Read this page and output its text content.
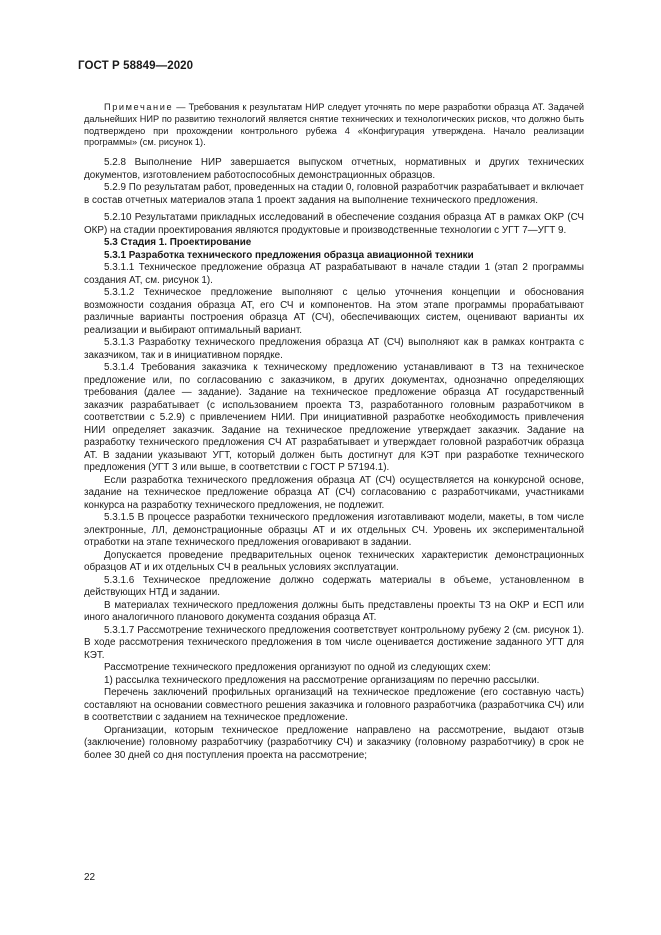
ГОСТ Р 58849—2020

Примечание — Требования к результатам НИР следует уточнять по мере разработки образца АТ. Задачей дальнейших НИР по развитию технологий является снятие технических и технологических рисков, что должно быть подтверждено при прохождении контрольного рубежа 4 «Конфигурация утверждена. Начало реализации программы» (см. рисунок 1).

5.2.8 Выполнение НИР завершается выпуском отчетных, нормативных и других технических документов, изготовлением работоспособных демонстрационных образцов.

5.2.9 По результатам работ, проведенных на стадии 0, головной разработчик разрабатывает и включает в состав отчетных материалов этапа 1 проект задания на выполнение технического предложения.

5.2.10 Результатами прикладных исследований в обеспечение создания образца АТ в рамках ОКР (СЧ ОКР) на стадии проектирования являются продуктовые и производственные технологии с УГТ 7—УГТ 9.

5.3 Стадия 1. Проектирование

5.3.1 Разработка технического предложения образца авиационной техники

5.3.1.1 Техническое предложение образца АТ разрабатывают в начале стадии 1 (этап 2 программы создания АТ, см. рисунок 1).

5.3.1.2 Техническое предложение выполняют с целью уточнения концепции и обоснования возможности создания образца АТ, его СЧ и компонентов. На этом этапе программы прорабатывают различные варианты построения образца АТ (СЧ), обеспечивающих систем, оценивают варианты их реализации и выбирают оптимальный вариант.

5.3.1.3 Разработку технического предложения образца АТ (СЧ) выполняют как в рамках контракта с заказчиком, так и в инициативном порядке.

5.3.1.4 Требования заказчика к техническому предложению устанавливают в ТЗ на техническое предложение или, по согласованию с заказчиком, в других документах, однозначно определяющих требования (далее — задание). Задание на техническое предложение образца АТ государственный заказчик разрабатывает (с использованием проекта ТЗ, разработанного головным разработчиком в соответствии с 5.2.9) с привлечением НИИ. При инициативной разработке необходимость привлечения НИИ определяет заказчик. Задание на техническое предложение утверждает заказчик. Задание на разработку технического предложения СЧ АТ разрабатывает и утверждает головной разработчик образца АТ. В задании указывают УГТ, который должен быть достигнут для КЭТ при разработке технического предложения (УГТ 3 или выше, в соответствии с ГОСТ Р 57194.1).

Если разработка технического предложения образца АТ (СЧ) осуществляется на конкурсной основе, задание на техническое предложение образца АТ (СЧ) согласованию с разработчиками, участниками конкурса на разработку технического предложения, не подлежит.

5.3.1.5 В процессе разработки технического предложения изготавливают модели, макеты, в том числе электронные, ЛЛ, демонстрационные образцы АТ и их отдельных СЧ. Уровень их экспериментальной отработки на этапе технического предложения оговаривают в задании.

Допускается проведение предварительных оценок технических характеристик демонстрационных образцов АТ и их отдельных СЧ в реальных условиях эксплуатации.

5.3.1.6 Техническое предложение должно содержать материалы в объеме, установленном в действующих НТД и задании.

В материалах технического предложения должны быть представлены проекты ТЗ на ОКР и ЕСП или иного аналогичного планового документа создания образца АТ.

5.3.1.7 Рассмотрение технического предложения соответствует контрольному рубежу 2 (см. рисунок 1). В ходе рассмотрения технического предложения в том числе оценивается достижение заданного УГТ для КЭТ.

Рассмотрение технического предложения организуют по одной из следующих схем:

1) рассылка технического предложения на рассмотрение организациям по перечню рассылки.

Перечень заключений профильных организаций на техническое предложение (его составную часть) составляют на основании совместного решения заказчика и головного разработчика (разработчика СЧ) или в соответствии с заданием на техническое предложение.

Организации, которым техническое предложение направлено на рассмотрение, выдают отзыв (заключение) головному разработчику (разработчику СЧ) и заказчику (головному разработчику) в срок не более 30 дней со дня поступления проекта на рассмотрение;

22
